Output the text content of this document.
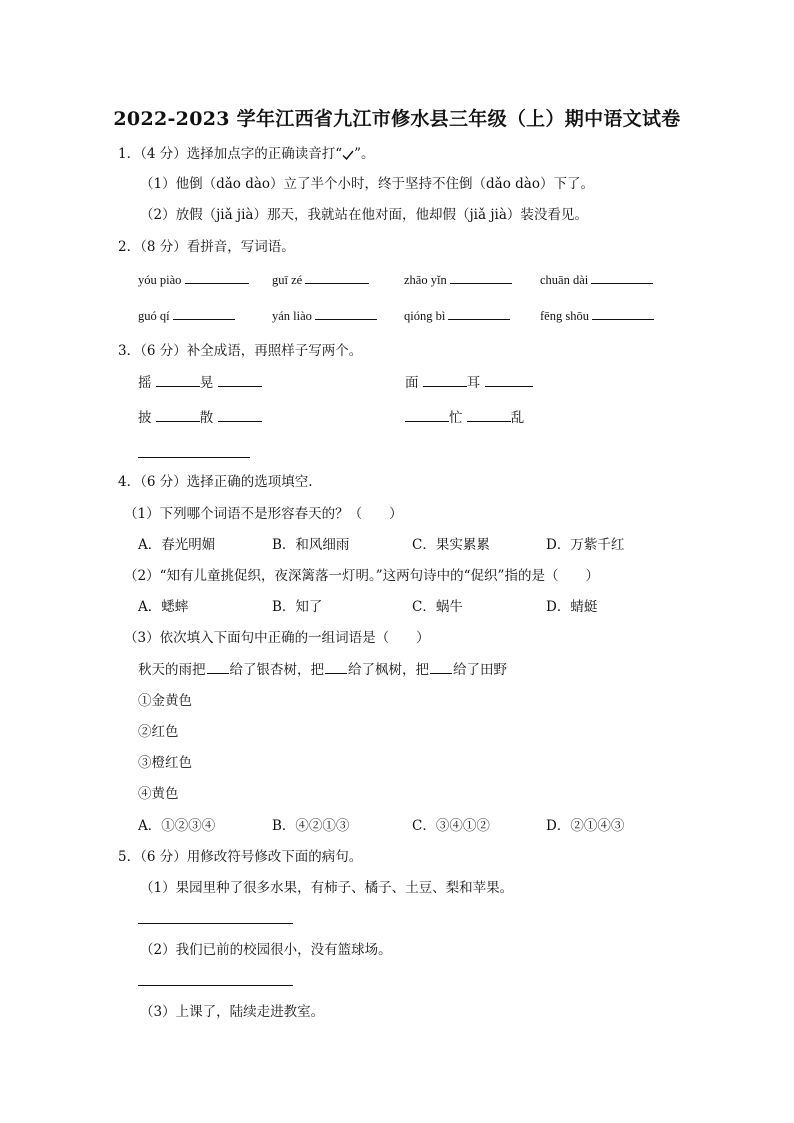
2022-2023 学年江西省九江市修水县三年级（上）期中语文试卷
1．（4 分）选择加点字的正确读音打“ ”。
（1）他倒（dǎo dào）立了半个小时，终于坚持不住倒（dǎo dào）下了。
（2）放假（jiǎ jià）那天，我就站在他对面，他却假（jiǎ jià）装没看见。
2．（8 分）看拼音，写词语。
yóu piào	guī zé	zhāo yǐn	chuān dài
guó qí	yán liào	qióng bì	fēng shōu
3．（6 分）补全成语，再照样子写两个。
摇	晃	面	耳
披	散	忙	乱
4．（6 分）选择正确的选项填空.
（1）下列哪个词语不是形容春天的？（　　）
A．春光明媚	B．和风细雨	C．果实累累	D．万紫千红
（2）“知有儿童挑促织，夜深篱落一灯明。”这两句诗中的“促织”指的是（　　）
A．蟋蟀	B．知了	C．蜗牛	D．蜻蜓
（3）依次填入下面句中正确的一组词语是（　　）
秋天的雨把 给了银杏树，把 给了枫树，把 给了田野
①金黄色
②红色
③橙红色
④黄色
A．①②③④	B．④②①③	C．③④①②	D．②①④③
5．（6 分）用修改符号修改下面的病句。
（1）果园里种了很多水果，有柿子、橘子、土豆、梨和苹果。
（2）我们已前的校园很小，没有篮球场。
（3）上课了，陆续走进教室。
